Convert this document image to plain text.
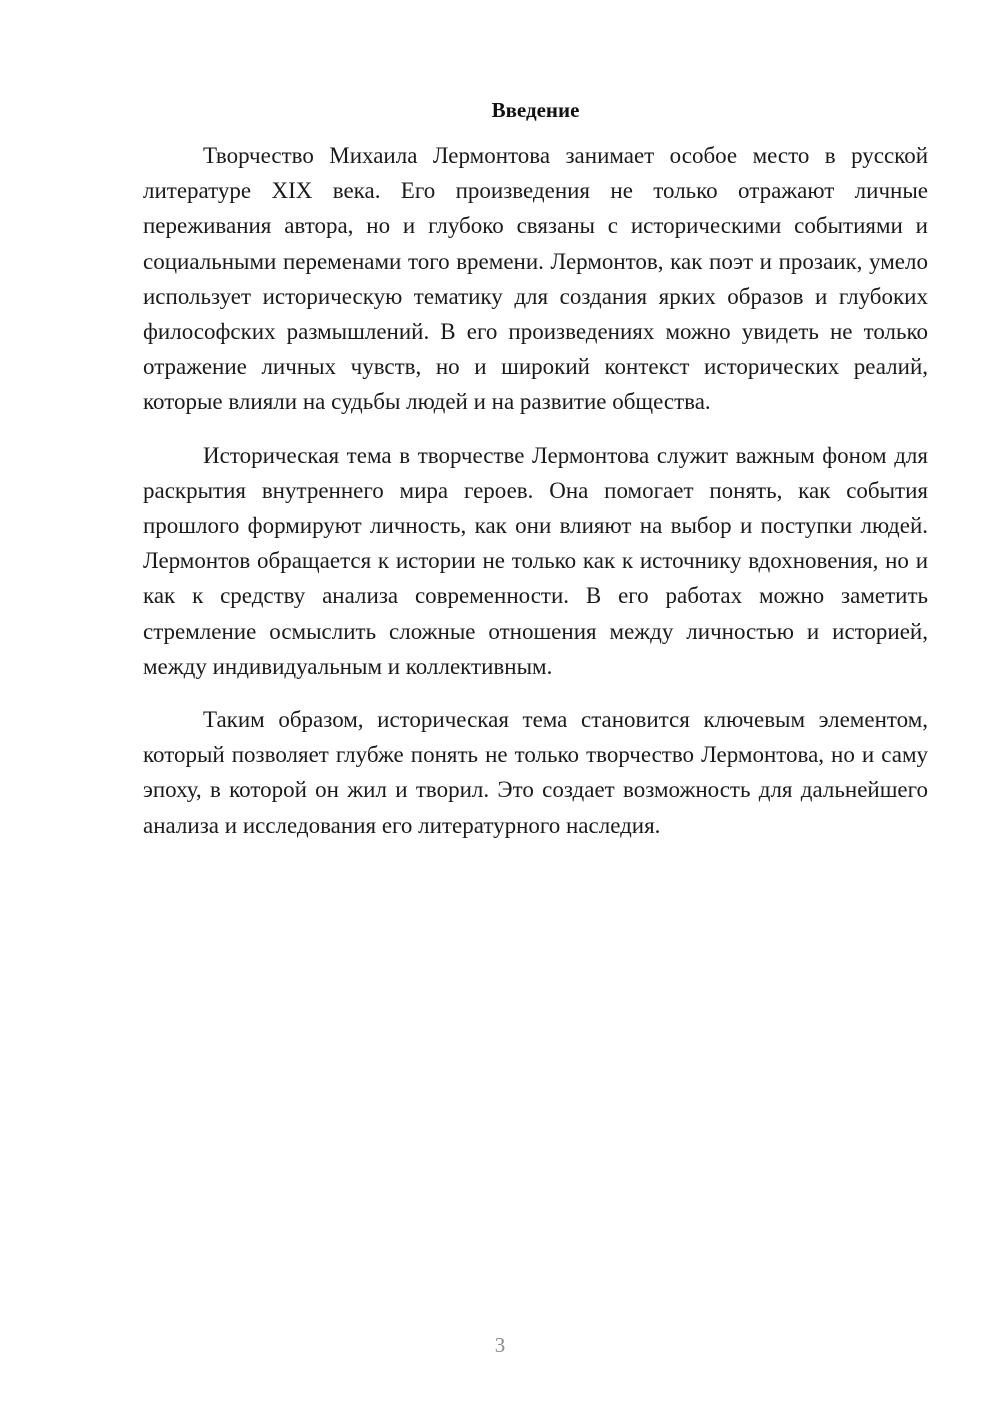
Введение

Творчество Михаила Лермонтова занимает особое место в русской литературе XIX века. Его произведения не только отражают личные переживания автора, но и глубоко связаны с историческими событиями и социальными переменами того времени. Лермонтов, как поэт и прозаик, умело использует историческую тематику для создания ярких образов и глубоких философских размышлений. В его произведениях можно увидеть не только отражение личных чувств, но и широкий контекст исторических реалий, которые влияли на судьбы людей и на развитие общества.

Историческая тема в творчестве Лермонтова служит важным фоном для раскрытия внутреннего мира героев. Она помогает понять, как события прошлого формируют личность, как они влияют на выбор и поступки людей. Лермонтов обращается к истории не только как к источнику вдохновения, но и как к средству анализа современности. В его работах можно заметить стремление осмыслить сложные отношения между личностью и историей, между индивидуальным и коллективным.

Таким образом, историческая тема становится ключевым элементом, который позволяет глубже понять не только творчество Лермонтова, но и саму эпоху, в которой он жил и творил. Это создает возможность для дальнейшего анализа и исследования его литературного наследия.

3
